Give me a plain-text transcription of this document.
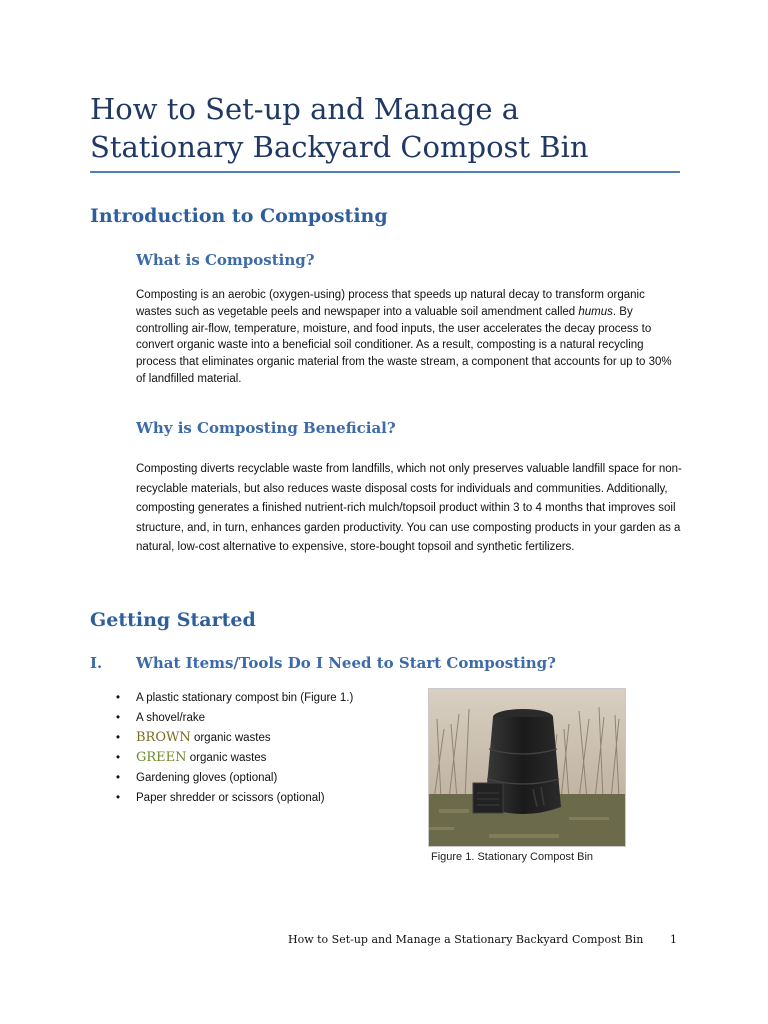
How to Set-up and Manage a
Stationary Backyard Compost Bin
Introduction to Composting
What is Composting?

Composting is an aerobic (oxygen-using) process that speeds up natural decay to transform organic wastes such as vegetable peels and newspaper into a valuable soil amendment called humus. By controlling air-flow, temperature, moisture, and food inputs, the user accelerates the decay process to convert organic waste into a beneficial soil conditioner. As a result, composting is a natural recycling process that eliminates organic material from the waste stream, a component that accounts for up to 30% of landfilled material.

Why is Composting Beneficial?

Composting diverts recyclable waste from landfills, which not only preserves valuable landfill space for non-recyclable materials, but also reduces waste disposal costs for individuals and communities. Additionally, composting generates a finished nutrient-rich mulch/topsoil product within 3 to 4 months that improves soil structure, and, in turn, enhances garden productivity. You can use composting products in your garden as a natural, low-cost alternative to expensive, store-bought topsoil and synthetic fertilizers.

Getting Started
I. What Items/Tools Do I Need to Start Composting?
• A plastic stationary compost bin (Figure 1.)
• A shovel/rake
• BROWN organic wastes
• GREEN organic wastes
• Gardening gloves (optional)
• Paper shredder or scissors (optional)

Figure 1. Stationary Compost Bin

How to Set-up and Manage a Stationary Backyard Compost Bin 1
